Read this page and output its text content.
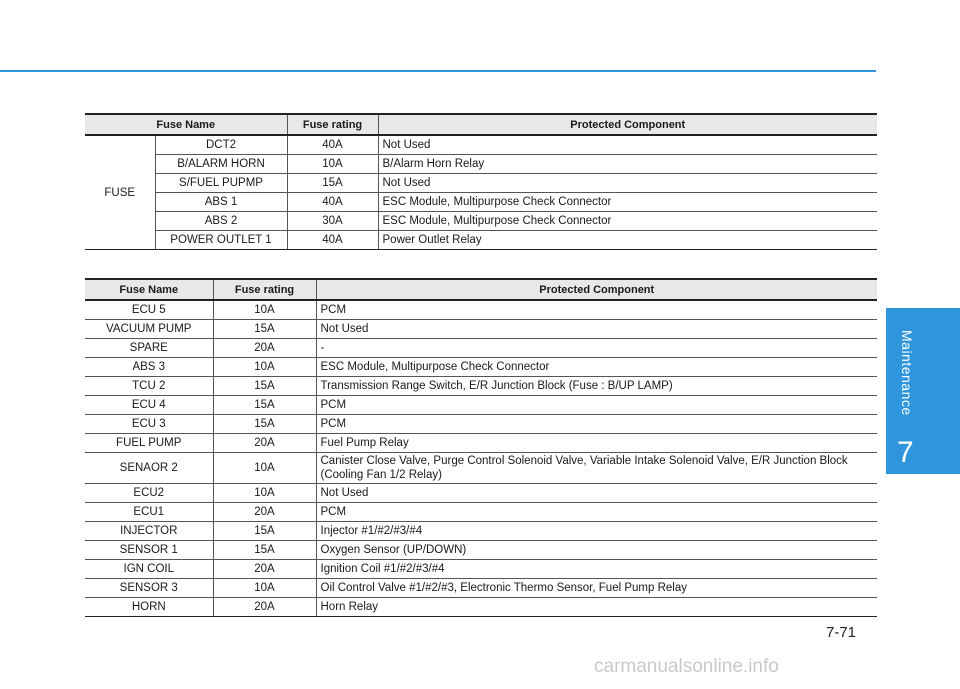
Fuse Name		Fuse rating	Protected Component
FUSE	DCT2	40A	Not Used
	B/ALARM HORN	10A	B/Alarm Horn Relay
	S/FUEL PUPMP	15A	Not Used
	ABS 1	40A	ESC Module, Multipurpose Check Connector
	ABS 2	30A	ESC Module, Multipurpose Check Connector
	POWER OUTLET 1	40A	Power Outlet Relay
Fuse Name	Fuse rating	Protected Component
ECU 5	10A	PCM
VACUUM PUMP	15A	Not Used
SPARE	20A	-
ABS 3	10A	ESC Module, Multipurpose Check Connector
TCU 2	15A	Transmission Range Switch, E/R Junction Block (Fuse : B/UP LAMP)
ECU 4	15A	PCM
ECU 3	15A	PCM
FUEL PUMP	20A	Fuel Pump Relay
SENAOR 2	10A	Canister Close Valve, Purge Control Solenoid Valve, Variable Intake Solenoid Valve, E/R Junction Block (Cooling Fan 1/2 Relay)
ECU2	10A	Not Used
ECU1	20A	PCM
INJECTOR	15A	Injector #1/#2/#3/#4
SENSOR 1	15A	Oxygen Sensor (UP/DOWN)
IGN COIL	20A	Ignition Coil #1/#2/#3/#4
SENSOR 3	10A	Oil Control Valve #1/#2/#3, Electronic Thermo Sensor, Fuel Pump Relay
HORN	20A	Horn Relay
Maintenance
7
7-71
carmanualsonline.info
